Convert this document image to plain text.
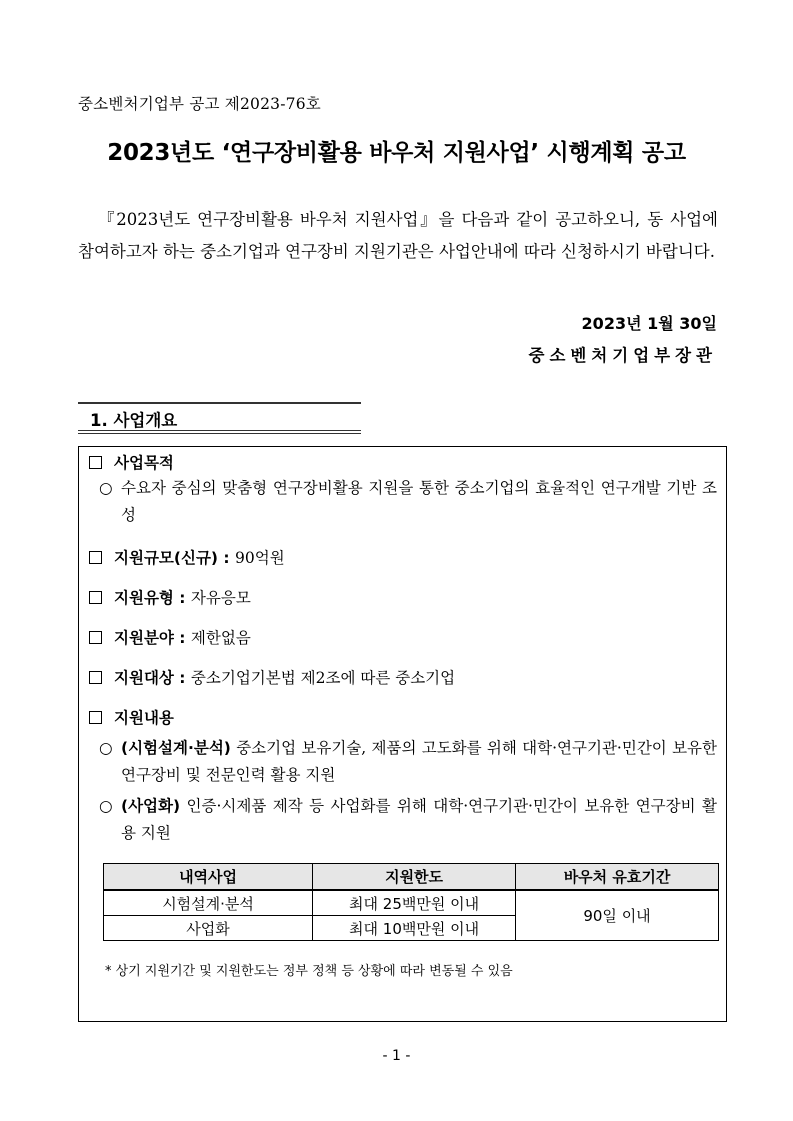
중소벤처기업부 공고 제2023-76호
2023년도 ‘연구장비활용 바우처 지원사업’ 시행계획 공고

『2023년도 연구장비활용 바우처 지원사업』을 다음과 같이 공고하오니, 동 사업에 참여하고자 하는 중소기업과 연구장비 지원기관은 사업안내에 따라 신청하시기 바랍니다.

2023년 1월 30일
중소벤처기업부장관
1. 사업개요
사업목적
○ 수요자 중심의 맞춤형 연구장비활용 지원을 통한 중소기업의 효율적인 연구개발 기반 조성
지원규모(신규) : 90억원
지원유형 : 자유응모
지원분야 : 제한없음
지원대상 : 중소기업기본법 제2조에 따른 중소기업
지원내용
○ (시험설계·분석) 중소기업 보유기술, 제품의 고도화를 위해 대학·연구기관·민간이 보유한 연구장비 및 전문인력 활용 지원
○ (사업화) 인증·시제품 제작 등 사업화를 위해 대학·연구기관·민간이 보유한 연구장비 활용 지원
내역사업	지원한도	바우처 유효기간
시험설계·분석	최대 25백만원 이내	90일 이내
사업화	최대 10백만원 이내	
* 상기 지원기간 및 지원한도는 정부 정책 등 상황에 따라 변동될 수 있음
- 1 -
